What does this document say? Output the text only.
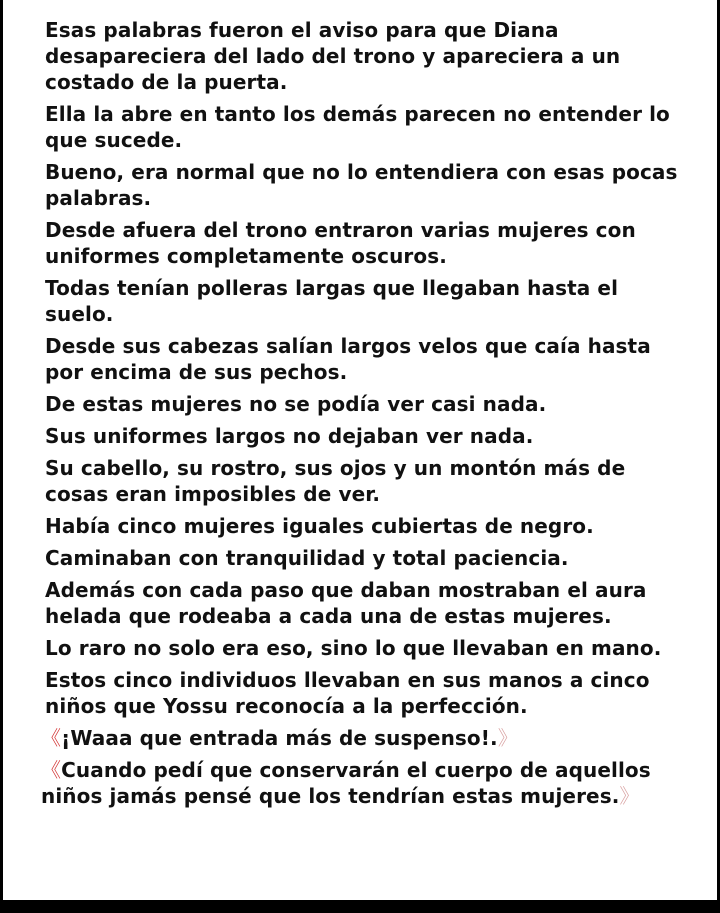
Esas palabras fueron el aviso para que Diana desapareciera del lado del trono y apareciera a un costado de la puerta.

Ella la abre en tanto los demás parecen no entender lo que sucede.

Bueno, era normal que no lo entendiera con esas pocas palabras.

Desde afuera del trono entraron varias mujeres con uniformes completamente oscuros.

Todas tenían polleras largas que llegaban hasta el suelo.

Desde sus cabezas salían largos velos que caía hasta por encima de sus pechos.

De estas mujeres no se podía ver casi nada.

Sus uniformes largos no dejaban ver nada.

Su cabello, su rostro, sus ojos y un montón más de cosas eran imposibles de ver.

Había cinco mujeres iguales cubiertas de negro.

Caminaban con tranquilidad y total paciencia.

Además con cada paso que daban mostraban el aura helada que rodeaba a cada una de estas mujeres.

Lo raro no solo era eso, sino lo que llevaban en mano.

Estos cinco individuos llevaban en sus manos a cinco niños que Yossu reconocía a la perfección.

《¡Waaa que entrada más de suspenso!.》

《Cuando pedí que conservarán el cuerpo de aquellos niños jamás pensé que los tendrían estas mujeres.》
